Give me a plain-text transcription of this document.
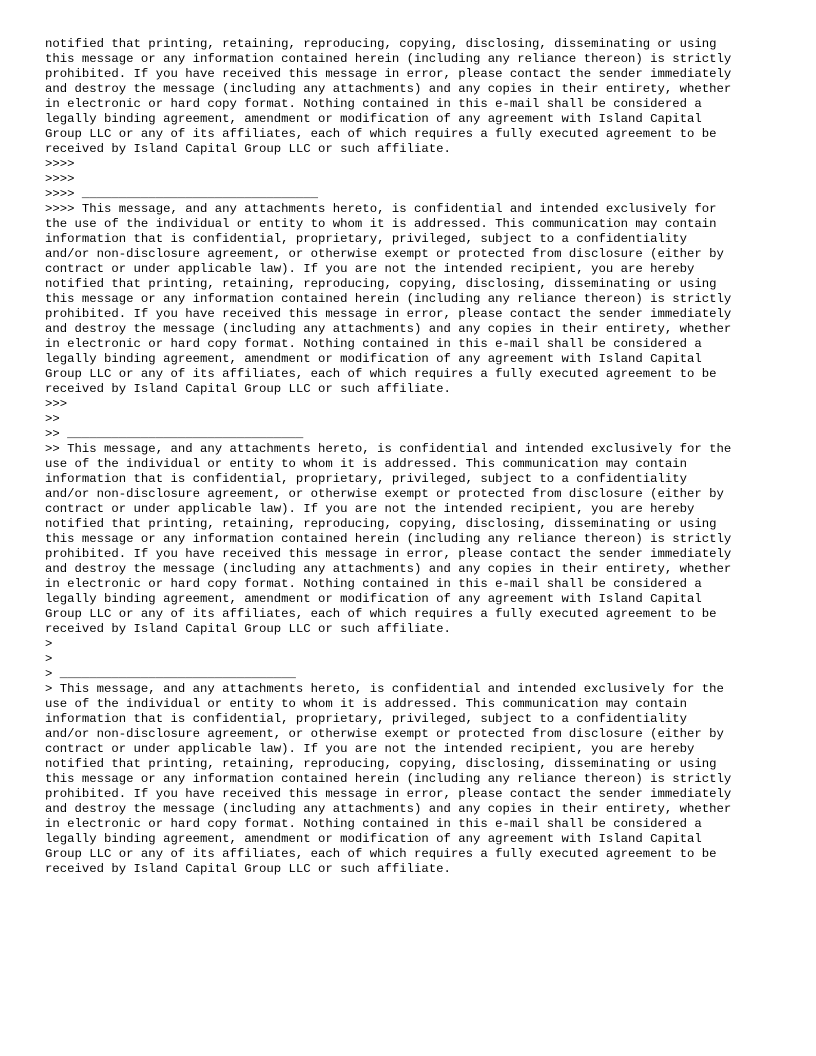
notified that printing, retaining, reproducing, copying, disclosing, disseminating or using
this message or any information contained herein (including any reliance thereon) is strictly
prohibited. If you have received this message in error, please contact the sender immediately
and destroy the message (including any attachments) and any copies in their entirety, whether
in electronic or hard copy format. Nothing contained in this e-mail shall be considered a
legally binding agreement, amendment or modification of any agreement with Island Capital
Group LLC or any of its affiliates, each of which requires a fully executed agreement to be
received by Island Capital Group LLC or such affiliate.
>>>>
>>>>
>>>> ________________________________
>>>> This message, and any attachments hereto, is confidential and intended exclusively for
the use of the individual or entity to whom it is addressed. This communication may contain
information that is confidential, proprietary, privileged, subject to a confidentiality
and/or non-disclosure agreement, or otherwise exempt or protected from disclosure (either by
contract or under applicable law). If you are not the intended recipient, you are hereby
notified that printing, retaining, reproducing, copying, disclosing, disseminating or using
this message or any information contained herein (including any reliance thereon) is strictly
prohibited. If you have received this message in error, please contact the sender immediately
and destroy the message (including any attachments) and any copies in their entirety, whether
in electronic or hard copy format. Nothing contained in this e-mail shall be considered a
legally binding agreement, amendment or modification of any agreement with Island Capital
Group LLC or any of its affiliates, each of which requires a fully executed agreement to be
received by Island Capital Group LLC or such affiliate.
>>>
>>
>> ________________________________
>> This message, and any attachments hereto, is confidential and intended exclusively for the
use of the individual or entity to whom it is addressed. This communication may contain
information that is confidential, proprietary, privileged, subject to a confidentiality
and/or non-disclosure agreement, or otherwise exempt or protected from disclosure (either by
contract or under applicable law). If you are not the intended recipient, you are hereby
notified that printing, retaining, reproducing, copying, disclosing, disseminating or using
this message or any information contained herein (including any reliance thereon) is strictly
prohibited. If you have received this message in error, please contact the sender immediately
and destroy the message (including any attachments) and any copies in their entirety, whether
in electronic or hard copy format. Nothing contained in this e-mail shall be considered a
legally binding agreement, amendment or modification of any agreement with Island Capital
Group LLC or any of its affiliates, each of which requires a fully executed agreement to be
received by Island Capital Group LLC or such affiliate.
>
>
> ________________________________
> This message, and any attachments hereto, is confidential and intended exclusively for the
use of the individual or entity to whom it is addressed. This communication may contain
information that is confidential, proprietary, privileged, subject to a confidentiality
and/or non-disclosure agreement, or otherwise exempt or protected from disclosure (either by
contract or under applicable law). If you are not the intended recipient, you are hereby
notified that printing, retaining, reproducing, copying, disclosing, disseminating or using
this message or any information contained herein (including any reliance thereon) is strictly
prohibited. If you have received this message in error, please contact the sender immediately
and destroy the message (including any attachments) and any copies in their entirety, whether
in electronic or hard copy format. Nothing contained in this e-mail shall be considered a
legally binding agreement, amendment or modification of any agreement with Island Capital
Group LLC or any of its affiliates, each of which requires a fully executed agreement to be
received by Island Capital Group LLC or such affiliate.
